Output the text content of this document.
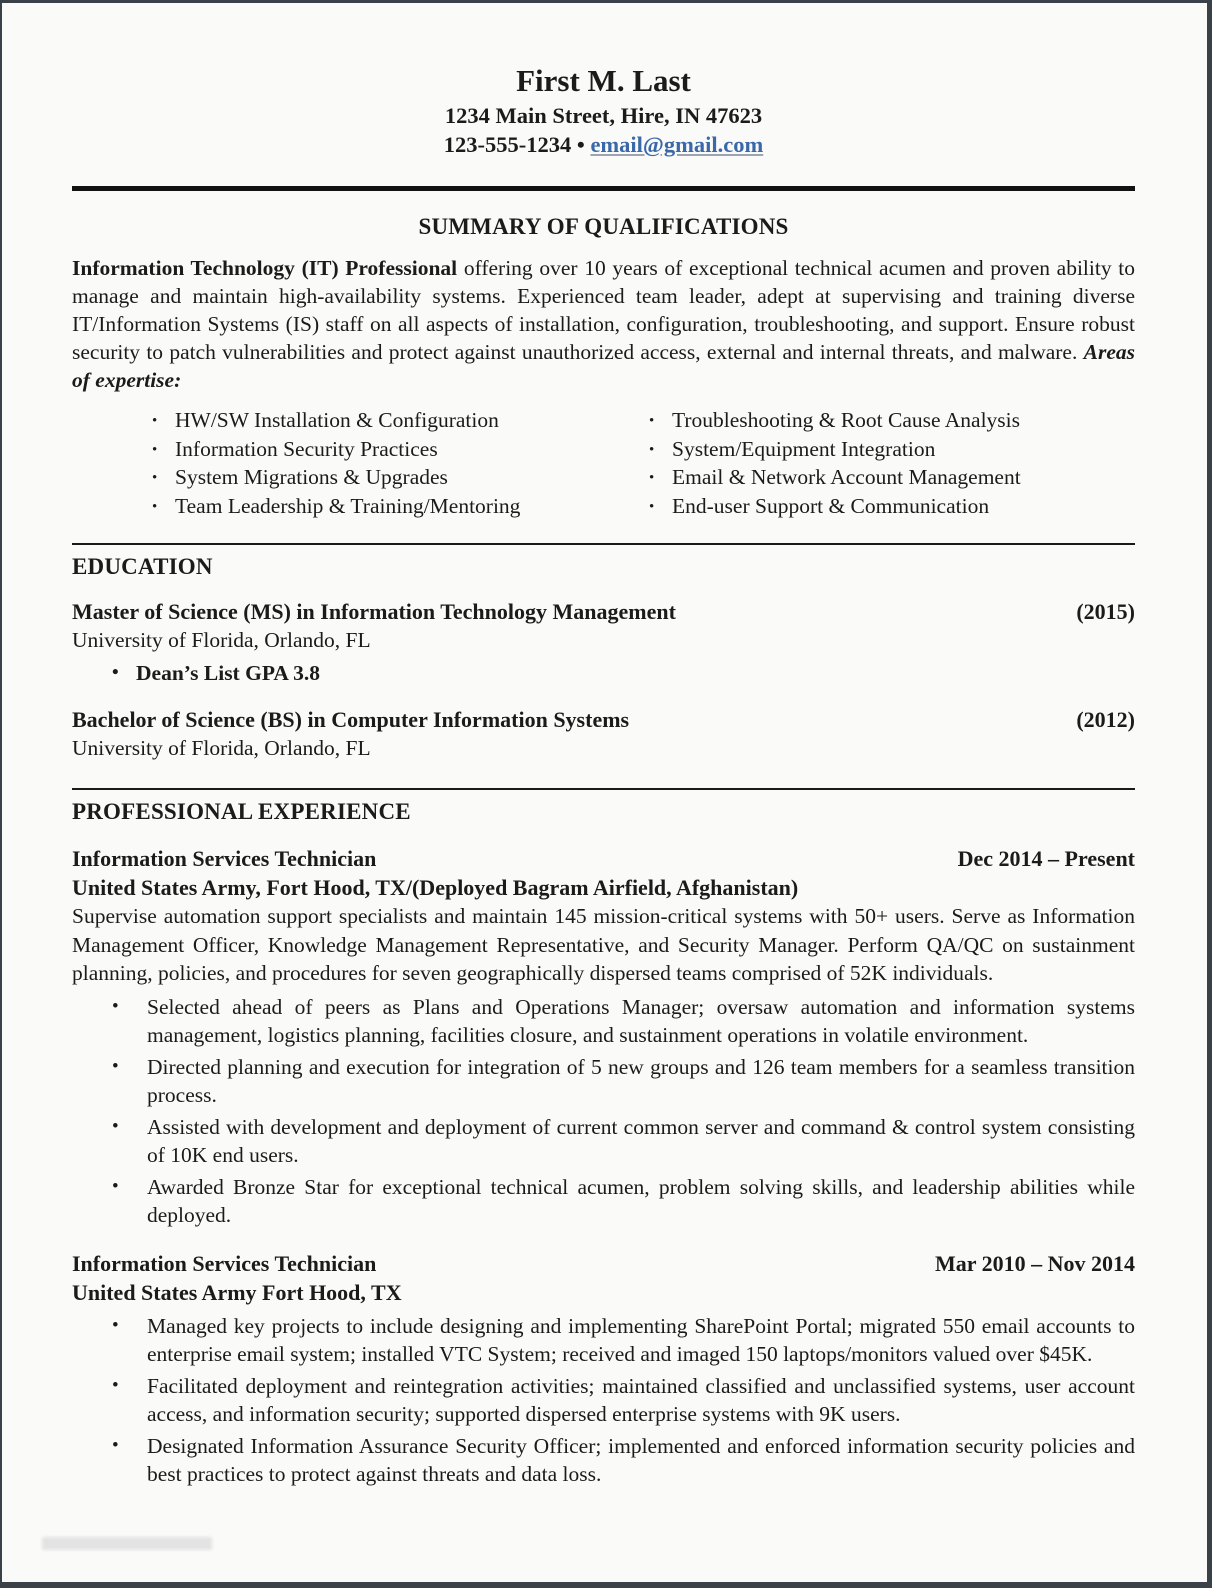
First M. Last
1234 Main Street, Hire, IN 47623
123-555-1234 • email@gmail.com
SUMMARY OF QUALIFICATIONS

Information Technology (IT) Professional offering over 10 years of exceptional technical acumen and proven ability to manage and maintain high-availability systems. Experienced team leader, adept at supervising and training diverse IT/Information Systems (IS) staff on all aspects of installation, configuration, troubleshooting, and support. Ensure robust security to patch vulnerabilities and protect against unauthorized access, external and internal threats, and malware. Areas of expertise:

• HW/SW Installation & Configuration
• Information Security Practices
• System Migrations & Upgrades
• Team Leadership & Training/Mentoring
• Troubleshooting & Root Cause Analysis
• System/Equipment Integration
• Email & Network Account Management
• End-user Support & Communication
EDUCATION
Master of Science (MS) in Information Technology Management	(2015)
University of Florida, Orlando, FL
• Dean’s List GPA 3.8
Bachelor of Science (BS) in Computer Information Systems	(2012)
University of Florida, Orlando, FL
PROFESSIONAL EXPERIENCE
Information Services Technician	Dec 2014 – Present
United States Army, Fort Hood, TX/(Deployed Bagram Airfield, Afghanistan)

Supervise automation support specialists and maintain 145 mission-critical systems with 50+ users. Serve as Information Management Officer, Knowledge Management Representative, and Security Manager. Perform QA/QC on sustainment planning, policies, and procedures for seven geographically dispersed teams comprised of 52K individuals.

• Selected ahead of peers as Plans and Operations Manager; oversaw automation and information systems management, logistics planning, facilities closure, and sustainment operations in volatile environment.
• Directed planning and execution for integration of 5 new groups and 126 team members for a seamless transition process.
• Assisted with development and deployment of current common server and command & control system consisting of 10K end users.
• Awarded Bronze Star for exceptional technical acumen, problem solving skills, and leadership abilities while deployed.
Information Services Technician	Mar 2010 – Nov 2014
United States Army Fort Hood, TX
• Managed key projects to include designing and implementing SharePoint Portal; migrated 550 email accounts to enterprise email system; installed VTC System; received and imaged 150 laptops/monitors valued over $45K.
• Facilitated deployment and reintegration activities; maintained classified and unclassified systems, user account access, and information security; supported dispersed enterprise systems with 9K users.
• Designated Information Assurance Security Officer; implemented and enforced information security policies and best practices to protect against threats and data loss.
